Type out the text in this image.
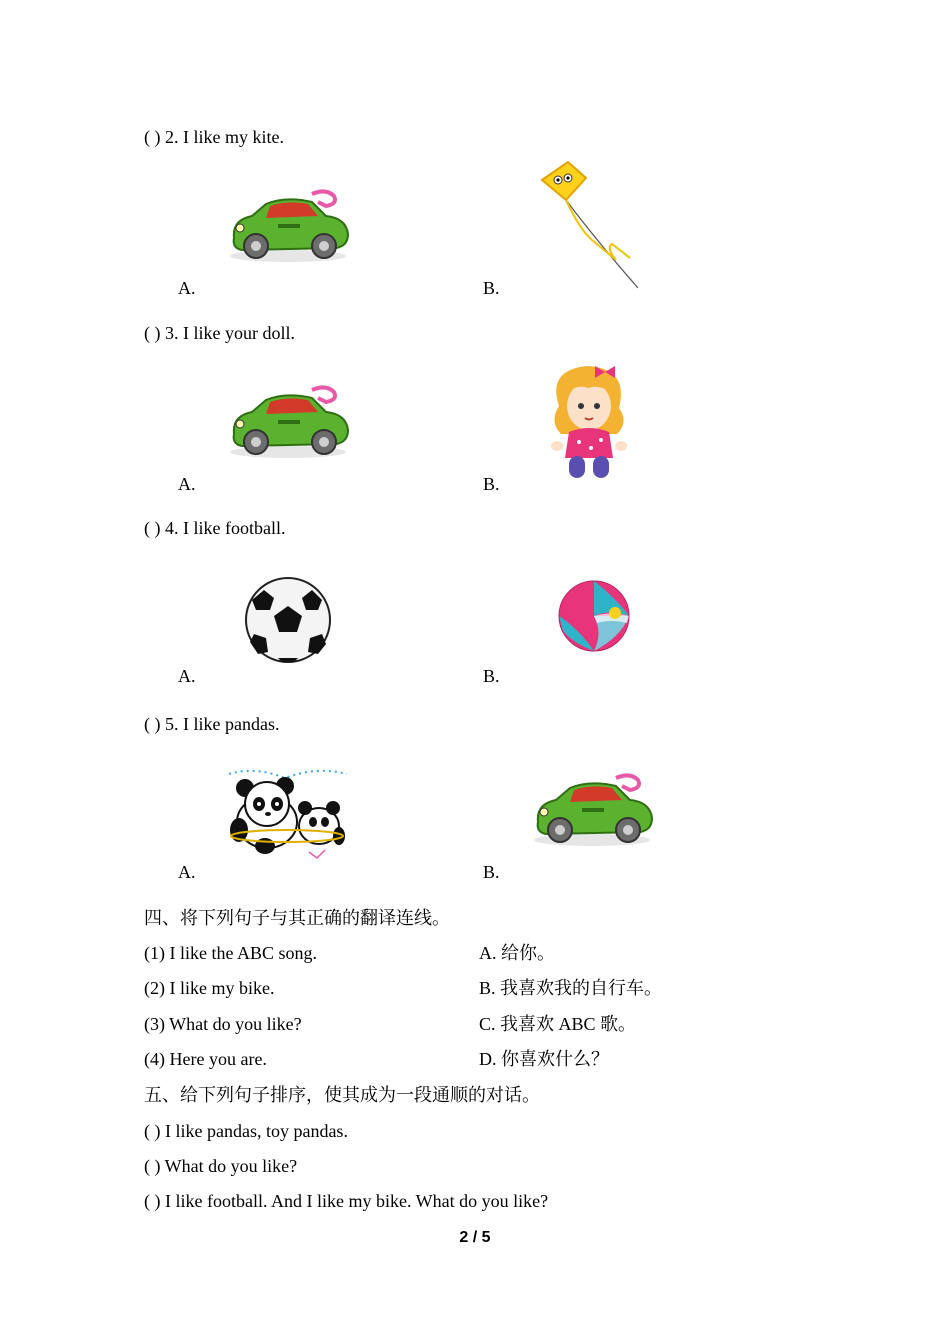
( ) 2. I like my kite.
A.	B.
( ) 3. I like your doll.
A.	B.
( ) 4. I like football.
A.	B.
( ) 5. I like pandas.
A.	B.
四、将下列句子与其正确的翻译连线。
(1) I like the ABC song.	A. 给你。
(2) I like my bike.	B. 我喜欢我的自行车。
(3) What do you like?	C. 我喜欢 ABC 歌。
(4) Here you are.	D. 你喜欢什么？
五、给下列句子排序，使其成为一段通顺的对话。
( ) I like pandas, toy pandas.
( ) What do you like?
( ) I like football. And I like my bike. What do you like?
2 / 5
